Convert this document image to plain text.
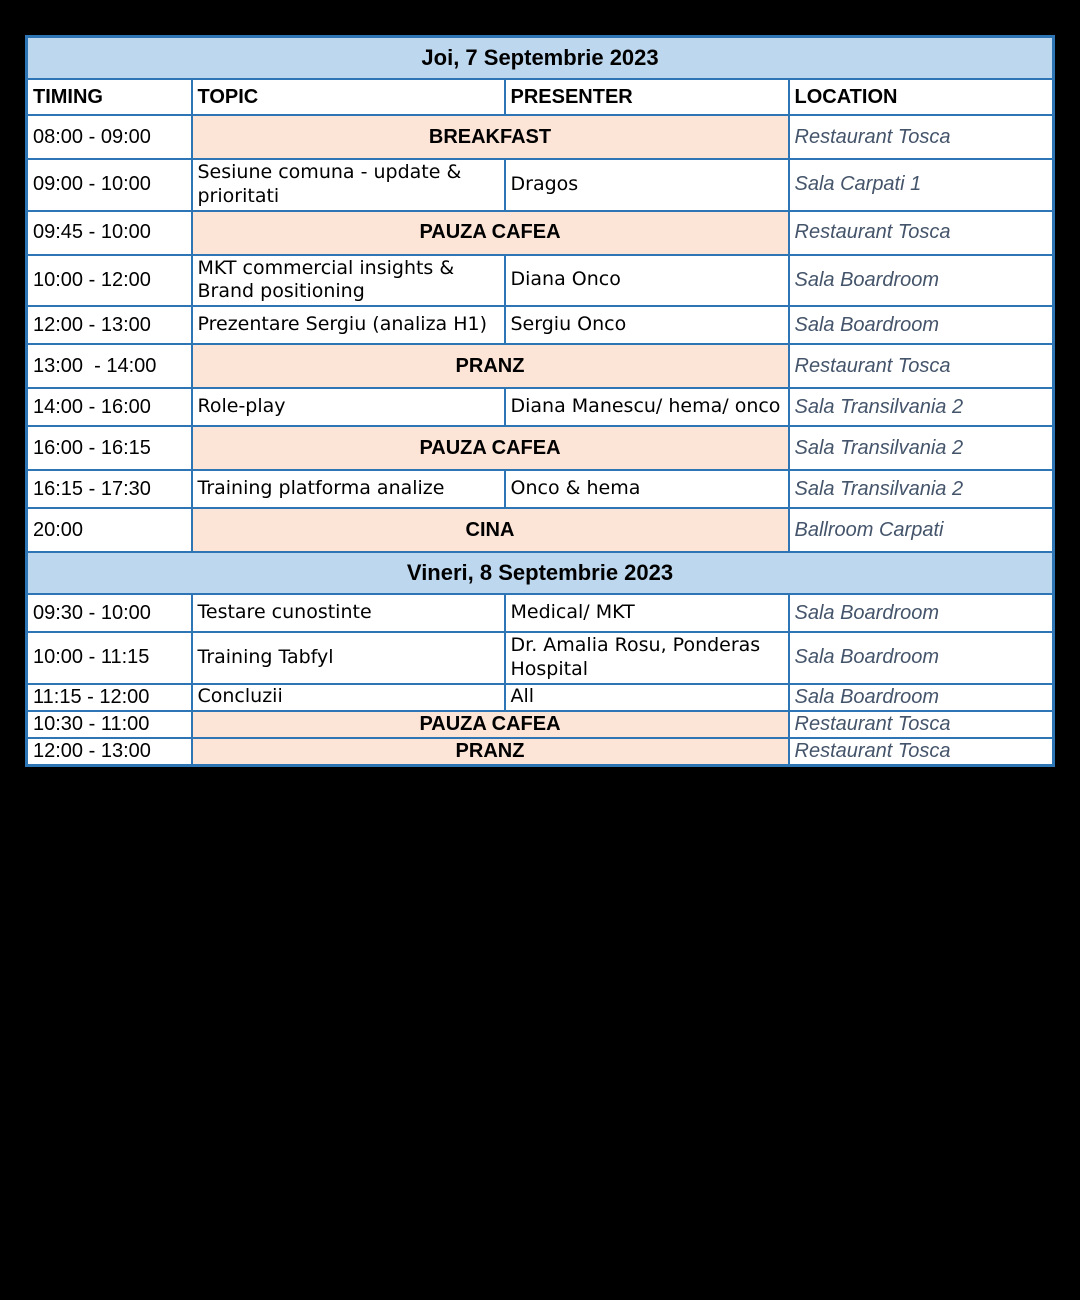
Joi, 7 Septembrie 2023			
TIMING	TOPIC	PRESENTER	LOCATION
08:00 - 09:00	BREAKFAST		Restaurant Tosca
09:00 - 10:00	Sesiune comuna - update & prioritati	Dragos	Sala Carpati 1
09:45 - 10:00	PAUZA CAFEA		Restaurant Tosca
10:00 - 12:00	MKT commercial insights & Brand positioning	Diana Onco	Sala Boardroom
12:00 - 13:00	Prezentare Sergiu (analiza H1)	Sergiu Onco	Sala Boardroom
13:00  - 14:00	PRANZ		Restaurant Tosca
14:00 - 16:00	Role-play	Diana Manescu/ hema/ onco	Sala Transilvania 2
16:00 - 16:15	PAUZA CAFEA		Sala Transilvania 2
16:15 - 17:30	Training platforma analize	Onco & hema	Sala Transilvania 2
20:00	CINA		Ballroom Carpati
Vineri, 8 Septembrie 2023			
09:30 - 10:00	Testare cunostinte	Medical/ MKT	Sala Boardroom
10:00 - 11:15	Training Tabfyl	Dr. Amalia Rosu, Ponderas Hospital	Sala Boardroom
11:15 - 12:00	Concluzii	All	Sala Boardroom
10:30 - 11:00	PAUZA CAFEA		Restaurant Tosca
12:00 - 13:00	PRANZ		Restaurant Tosca
